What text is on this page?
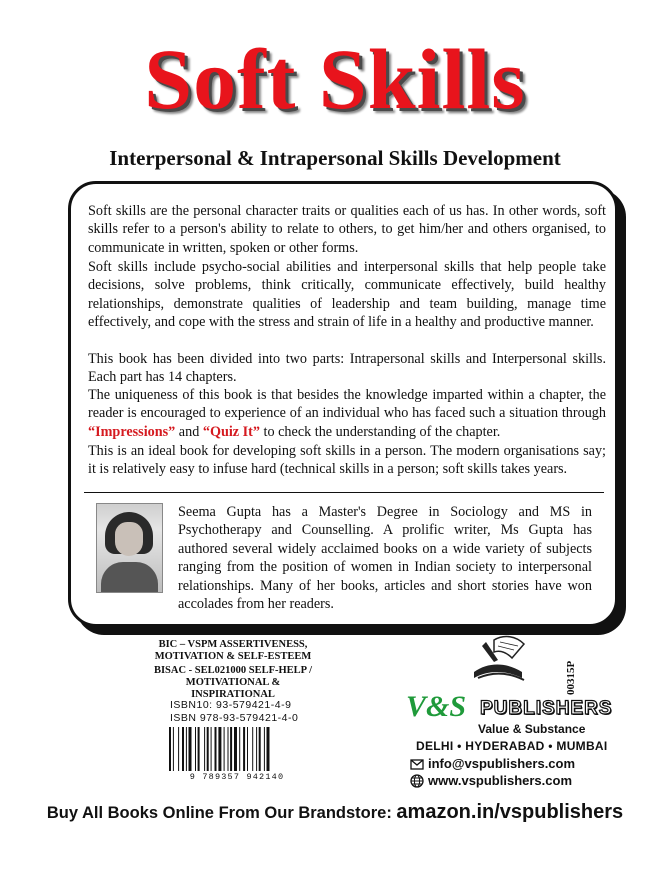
Soft Skills
Interpersonal & Intrapersonal Skills Development

Soft skills are the personal character traits or qualities each of us has. In other words, soft skills refer to a person's ability to relate to others, to get him/her and others organised, to communicate in written, spoken or other forms.

Soft skills include psycho-social abilities and interpersonal skills that help people take decisions, solve problems, think critically, communicate effectively, build healthy relationships, demonstrate qualities of leadership and team building, manage time effectively, and cope with the stress and strain of life in a healthy and productive manner.

This book has been divided into two parts: Intrapersonal skills and Interpersonal skills. Each part has 14 chapters.

The uniqueness of this book is that besides the knowledge imparted within a chapter, the reader is encouraged to experience of an individual who has faced such a situation through “Impressions” and “Quiz It” to check the understanding of the chapter.

This is an ideal book for developing soft skills in a person. The modern organisations say; it is relatively easy to infuse hard (technical skills in a person; soft skills takes years.

Seema Gupta has a Master's Degree in Sociology and MS in Psychotherapy and Counselling. A prolific writer, Ms Gupta has authored several widely acclaimed books on a wide variety of subjects ranging from the position of women in Indian society to interpersonal relationships. Many of her books, articles and short stories have won accolades from her readers.

BIC – VSPM ASSERTIVENESS,
MOTIVATION & SELF-ESTEEM
BISAC - SEL021000 SELF-HELP /
MOTIVATIONAL & INSPIRATIONAL
ISBN10: 93-579421-4-9
ISBN 978-93-579421-4-0
9 789357 942140
00315P
V&S PUBLISHERS
Value & Substance
DELHI • HYDERABAD • MUMBAI
info@vspublishers.com
www.vspublishers.com
Buy All Books Online From Our Brandstore: amazon.in/vspublishers
